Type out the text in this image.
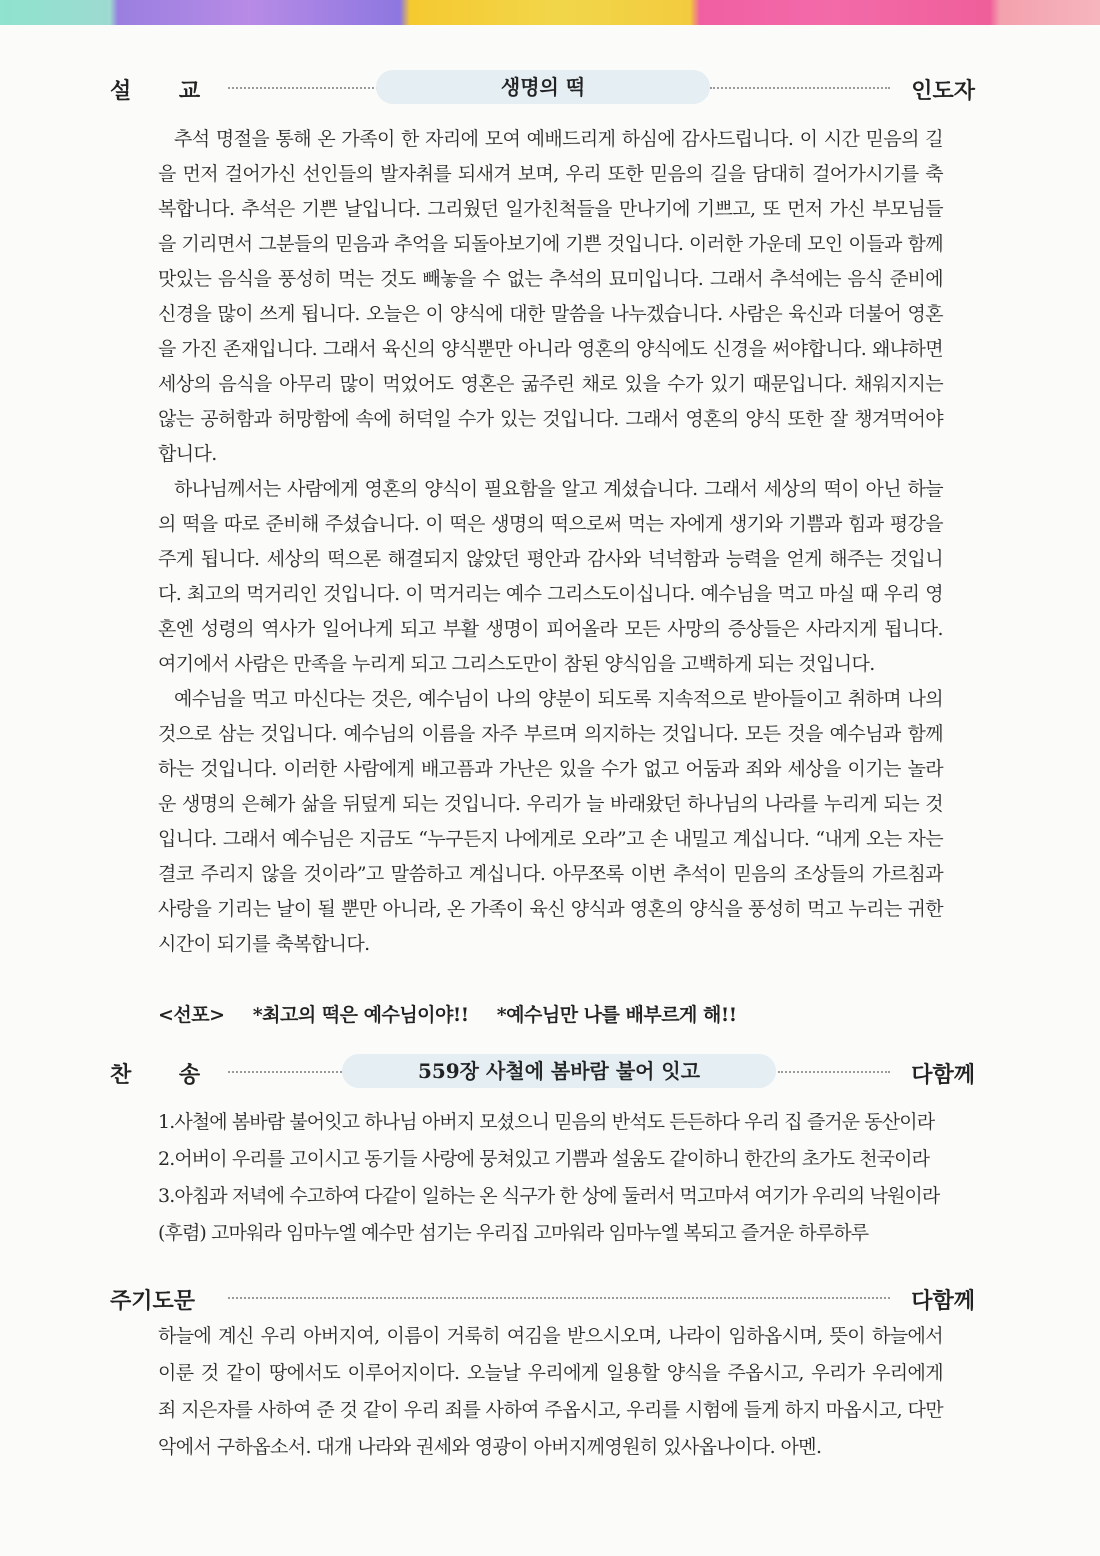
설 교	생명의 떡	인도자

추석 명절을 통해 온 가족이 한 자리에 모여 예배드리게 하심에 감사드립니다. 이 시간 믿음의 길을 먼저 걸어가신 선인들의 발자취를 되새겨 보며, 우리 또한 믿음의 길을 담대히 걸어가시기를 축복합니다. 추석은 기쁜 날입니다. 그리웠던 일가친척들을 만나기에 기쁘고, 또 먼저 가신 부모님들을 기리면서 그분들의 믿음과 추억을 되돌아보기에 기쁜 것입니다. 이러한 가운데 모인 이들과 함께 맛있는 음식을 풍성히 먹는 것도 빼놓을 수 없는 추석의 묘미입니다. 그래서 추석에는 음식 준비에 신경을 많이 쓰게 됩니다. 오늘은 이 양식에 대한 말씀을 나누겠습니다. 사람은 육신과 더불어 영혼을 가진 존재입니다. 그래서 육신의 양식뿐만 아니라 영혼의 양식에도 신경을 써야합니다. 왜냐하면 세상의 음식을 아무리 많이 먹었어도 영혼은 굶주린 채로 있을 수가 있기 때문입니다. 채워지지는 않는 공허함과 허망함에 속에 허덕일 수가 있는 것입니다. 그래서 영혼의 양식 또한 잘 챙겨먹어야 합니다.

하나님께서는 사람에게 영혼의 양식이 필요함을 알고 계셨습니다. 그래서 세상의 떡이 아닌 하늘의 떡을 따로 준비해 주셨습니다. 이 떡은 생명의 떡으로써 먹는 자에게 생기와 기쁨과 힘과 평강을 주게 됩니다. 세상의 떡으론 해결되지 않았던 평안과 감사와 넉넉함과 능력을 얻게 해주는 것입니다. 최고의 먹거리인 것입니다. 이 먹거리는 예수 그리스도이십니다. 예수님을 먹고 마실 때 우리 영혼엔 성령의 역사가 일어나게 되고 부활 생명이 피어올라 모든 사망의 증상들은 사라지게 됩니다. 여기에서 사람은 만족을 누리게 되고 그리스도만이 참된 양식임을 고백하게 되는 것입니다.

예수님을 먹고 마신다는 것은, 예수님이 나의 양분이 되도록 지속적으로 받아들이고 취하며 나의 것으로 삼는 것입니다. 예수님의 이름을 자주 부르며 의지하는 것입니다. 모든 것을 예수님과 함께 하는 것입니다. 이러한 사람에게 배고픔과 가난은 있을 수가 없고 어둠과 죄와 세상을 이기는 놀라운 생명의 은혜가 삶을 뒤덮게 되는 것입니다. 우리가 늘 바래왔던 하나님의 나라를 누리게 되는 것입니다. 그래서 예수님은 지금도 “누구든지 나에게로 오라”고 손 내밀고 계십니다. “내게 오는 자는 결코 주리지 않을 것이라”고 말씀하고 계십니다. 아무쪼록 이번 추석이 믿음의 조상들의 가르침과 사랑을 기리는 날이 될 뿐만 아니라, 온 가족이 육신 양식과 영혼의 양식을 풍성히 먹고 누리는 귀한 시간이 되기를 축복합니다.

<선포> *최고의 떡은 예수님이야!! *예수님만 나를 배부르게 해!!
찬 송	559장 사철에 봄바람 불어 잇고	다함께
1.사철에 봄바람 불어잇고 하나님 아버지 모셨으니 믿음의 반석도 든든하다 우리 집 즐거운 동산이라
2.어버이 우리를 고이시고 동기들 사랑에 뭉쳐있고 기쁨과 설움도 같이하니 한간의 초가도 천국이라
3.아침과 저녁에 수고하여 다같이 일하는 온 식구가 한 상에 둘러서 먹고마셔 여기가 우리의 낙원이라
(후렴) 고마워라 임마누엘 예수만 섬기는 우리집 고마워라 임마누엘 복되고 즐거운 하루하루
주기도문	다함께
하늘에 계신 우리 아버지여, 이름이 거룩히 여김을 받으시오며, 나라이 임하옵시며, 뜻이 하늘에서 이룬 것 같이 땅에서도 이루어지이다. 오늘날 우리에게 일용할 양식을 주옵시고, 우리가 우리에게 죄 지은자를 사하여 준 것 같이 우리 죄를 사하여 주옵시고, 우리를 시험에 들게 하지 마옵시고, 다만 악에서 구하옵소서. 대개 나라와 권세와 영광이 아버지께영원히 있사옵나이다. 아멘.
